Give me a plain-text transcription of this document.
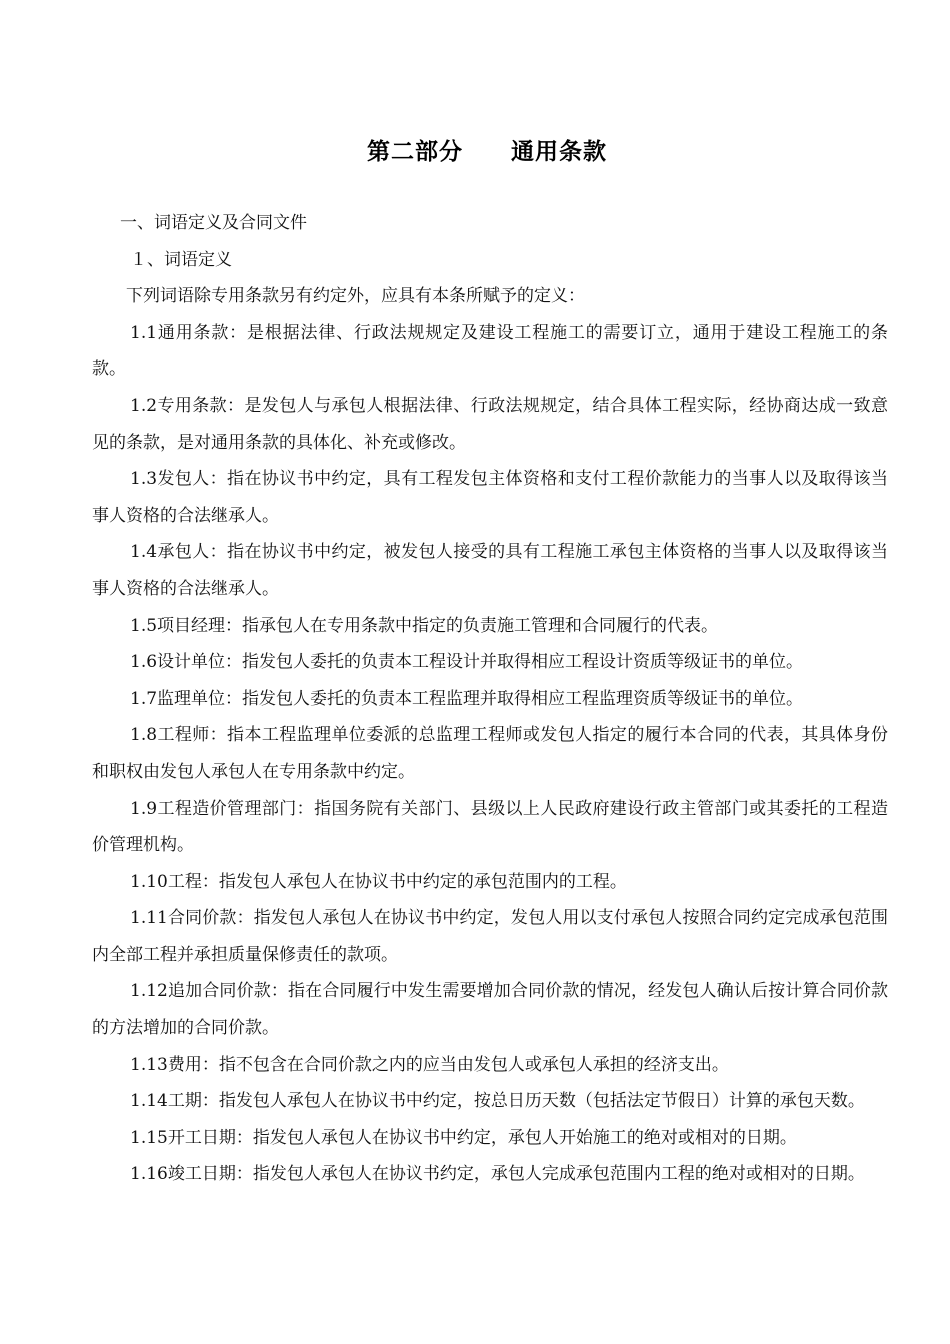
第二部分　　通用条款

一、词语定义及合同文件

１、词语定义

下列词语除专用条款另有约定外，应具有本条所赋予的定义：

1.1通用条款：是根据法律、行政法规规定及建设工程施工的需要订立，通用于建设工程施工的条款。

1.2专用条款：是发包人与承包人根据法律、行政法规规定，结合具体工程实际，经协商达成一致意见的条款，是对通用条款的具体化、补充或修改。

1.3发包人：指在协议书中约定，具有工程发包主体资格和支付工程价款能力的当事人以及取得该当事人资格的合法继承人。

1.4承包人：指在协议书中约定，被发包人接受的具有工程施工承包主体资格的当事人以及取得该当事人资格的合法继承人。

1.5项目经理：指承包人在专用条款中指定的负责施工管理和合同履行的代表。

1.6设计单位：指发包人委托的负责本工程设计并取得相应工程设计资质等级证书的单位。

1.7监理单位：指发包人委托的负责本工程监理并取得相应工程监理资质等级证书的单位。

1.8工程师：指本工程监理单位委派的总监理工程师或发包人指定的履行本合同的代表，其具体身份和职权由发包人承包人在专用条款中约定。

1.9工程造价管理部门：指国务院有关部门、县级以上人民政府建设行政主管部门或其委托的工程造价管理机构。

1.10工程：指发包人承包人在协议书中约定的承包范围内的工程。

1.11合同价款：指发包人承包人在协议书中约定，发包人用以支付承包人按照合同约定完成承包范围内全部工程并承担质量保修责任的款项。

1.12追加合同价款：指在合同履行中发生需要增加合同价款的情况，经发包人确认后按计算合同价款的方法增加的合同价款。

1.13费用：指不包含在合同价款之内的应当由发包人或承包人承担的经济支出。

1.14工期：指发包人承包人在协议书中约定，按总日历天数（包括法定节假日）计算的承包天数。

1.15开工日期：指发包人承包人在协议书中约定，承包人开始施工的绝对或相对的日期。

1.16竣工日期：指发包人承包人在协议书约定，承包人完成承包范围内工程的绝对或相对的日期。
